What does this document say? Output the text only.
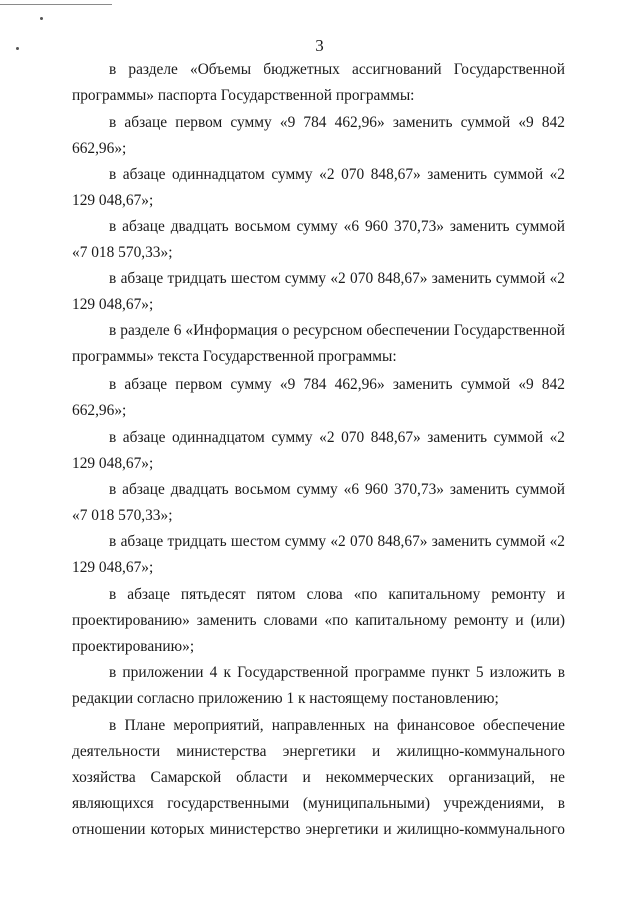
3

в разделе «Объемы бюджетных ассигнований Государственной программы» паспорта Государственной программы:

в абзаце первом сумму «9 784 462,96» заменить суммой «9 842 662,96»;

в абзаце одиннадцатом сумму «2 070 848,67» заменить суммой «2 129 048,67»;

в абзаце двадцать восьмом сумму «6 960 370,73» заменить суммой «7 018 570,33»;

в абзаце тридцать шестом сумму «2 070 848,67» заменить суммой «2 129 048,67»;

в разделе 6 «Информация о ресурсном обеспечении Государственной программы» текста Государственной программы:

в абзаце первом сумму «9 784 462,96» заменить суммой «9 842 662,96»;

в абзаце одиннадцатом сумму «2 070 848,67» заменить суммой «2 129 048,67»;

в абзаце двадцать восьмом сумму «6 960 370,73» заменить суммой «7 018 570,33»;

в абзаце тридцать шестом сумму «2 070 848,67» заменить суммой «2 129 048,67»;

в абзаце пятьдесят пятом слова «по капитальному ремонту и проектированию» заменить словами «по капитальному ремонту и (или) проектированию»;

в приложении 4 к Государственной программе пункт 5 изложить в редакции согласно приложению 1 к настоящему постановлению;

в Плане мероприятий, направленных на финансовое обеспечение деятельности министерства энергетики и жилищно-коммунального хозяйства Самарской области и некоммерческих организаций, не являющихся государственными (муниципальными) учреждениями, в отношении которых министерство энергетики и жилищно-коммунального
